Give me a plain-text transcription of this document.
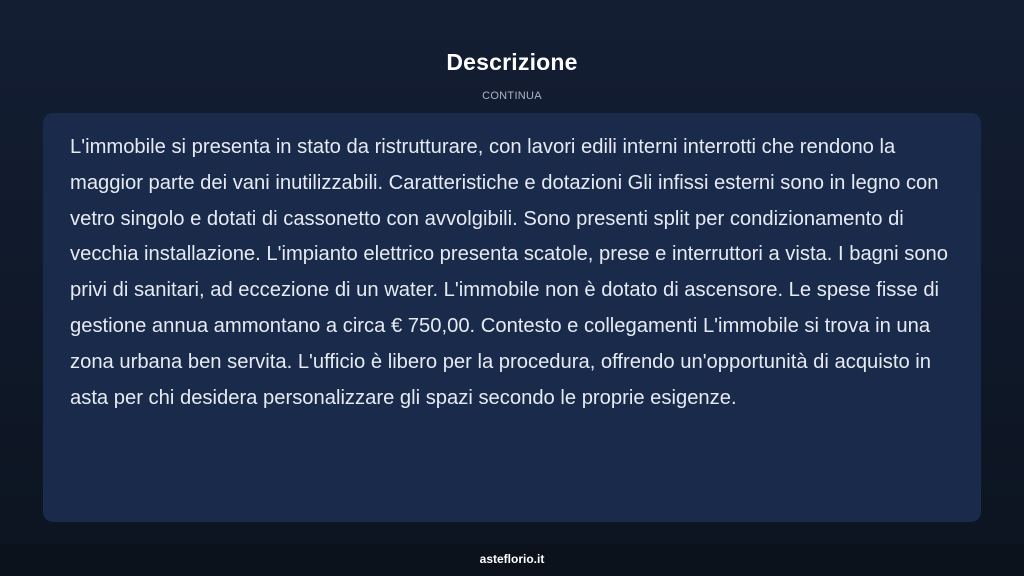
Descrizione
CONTINUA

L'immobile si presenta in stato da ristrutturare, con lavori edili interni interrotti che rendono la maggior parte dei vani inutilizzabili. Caratteristiche e dotazioni Gli infissi esterni sono in legno con vetro singolo e dotati di cassonetto con avvolgibili. Sono presenti split per condizionamento di vecchia installazione. L'impianto elettrico presenta scatole, prese e interruttori a vista. I bagni sono privi di sanitari, ad eccezione di un water. L'immobile non è dotato di ascensore. Le spese fisse di gestione annua ammontano a circa € 750,00. Contesto e collegamenti L'immobile si trova in una zona urbana ben servita. L'ufficio è libero per la procedura, offrendo un'opportunità di acquisto in asta per chi desidera personalizzare gli spazi secondo le proprie esigenze.

asteflorio.it
